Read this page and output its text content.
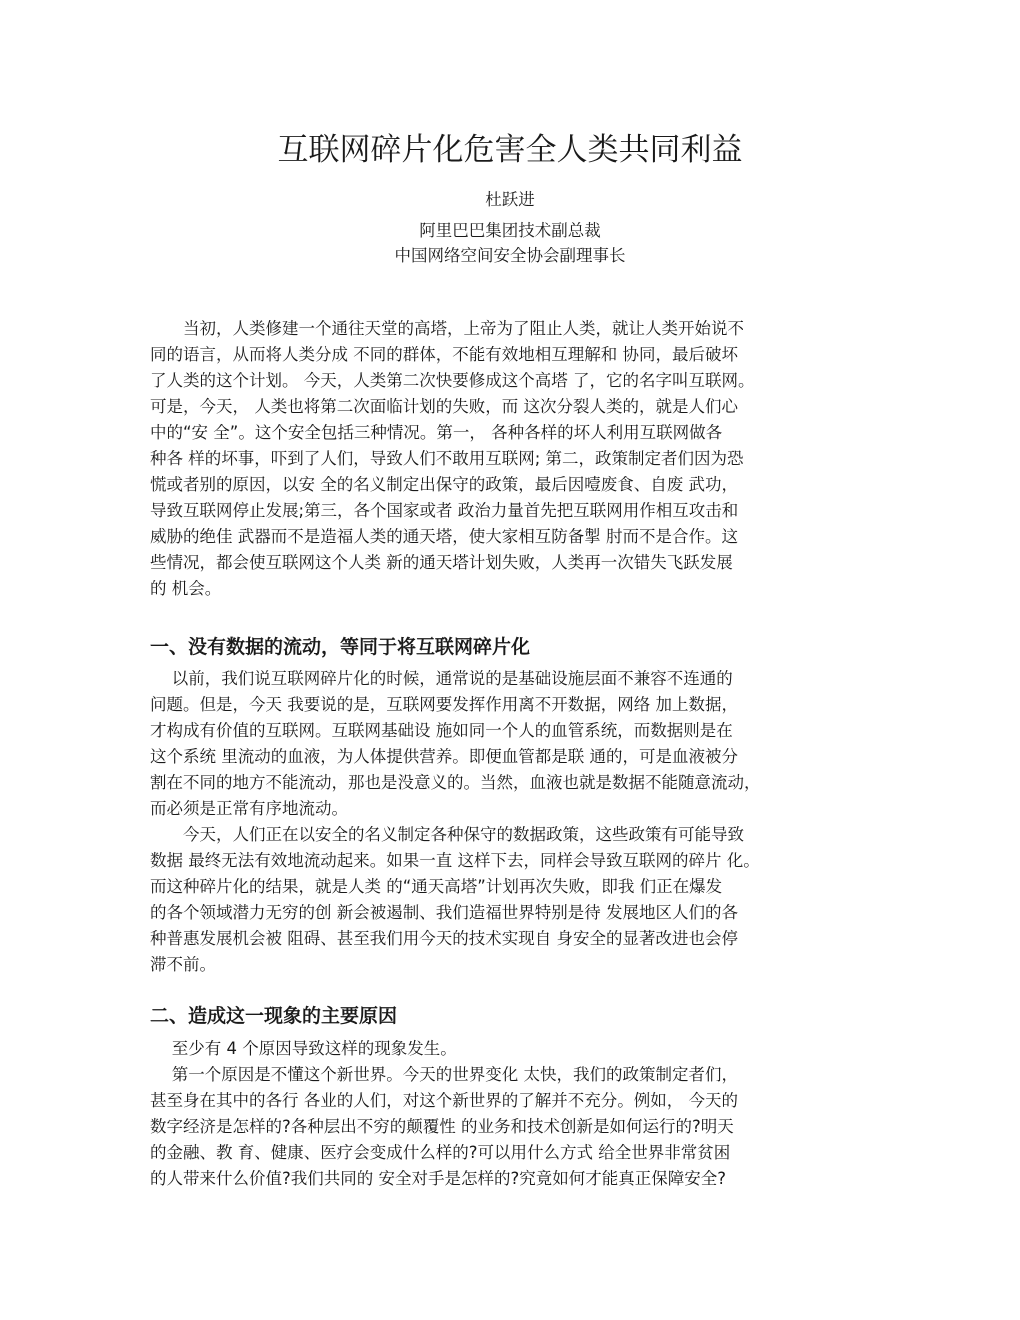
互联网碎片化危害全人类共同利益
杜跃进
阿里巴巴集团技术副总裁
中国网络空间安全协会副理事长
　　当初，人类修建一个通往天堂的高塔，上帝为了阻止人类，就让人类开始说不
同的语言，从而将人类分成 不同的群体，不能有效地相互理解和 协同，最后破坏
了人类的这个计划。 今天，人类第二次快要修成这个高塔 了，它的名字叫互联网。
可是，今天， 人类也将第二次面临计划的失败，而 这次分裂人类的，就是人们心
中的“安 全”。这个安全包括三种情况。第一， 各种各样的坏人利用互联网做各
种各 样的坏事，吓到了人们，导致人们不敢用互联网; 第二，政策制定者们因为恐
慌或者别的原因，以安 全的名义制定出保守的政策，最后因噎废食、自废 武功，
导致互联网停止发展;第三，各个国家或者 政治力量首先把互联网用作相互攻击和
威胁的绝佳 武器而不是造福人类的通天塔，使大家相互防备掣 肘而不是合作。这
些情况，都会使互联网这个人类 新的通天塔计划失败，人类再一次错失飞跃发展
的 机会。
一、没有数据的流动，等同于将互联网碎片化
　 以前，我们说互联网碎片化的时候，通常说的是基础设施层面不兼容不连通的
问题。但是，今天 我要说的是，互联网要发挥作用离不开数据，网络 加上数据，
才构成有价值的互联网。互联网基础设 施如同一个人的血管系统，而数据则是在
这个系统 里流动的血液，为人体提供营养。即便血管都是联 通的，可是血液被分
割在不同的地方不能流动，那也是没意义的。当然，血液也就是数据不能随意流动，
而必须是正常有序地流动。
　　今天，人们正在以安全的名义制定各种保守的数据政策，这些政策有可能导致
数据 最终无法有效地流动起来。如果一直 这样下去，同样会导致互联网的碎片 化。
而这种碎片化的结果，就是人类 的“通天高塔”计划再次失败，即我 们正在爆发
的各个领域潜力无穷的创 新会被遏制、我们造福世界特别是待 发展地区人们的各
种普惠发展机会被 阻碍、甚至我们用今天的技术实现自 身安全的显著改进也会停
滞不前。
二、造成这一现象的主要原因
　 至少有 4 个原因导致这样的现象发生。
　 第一个原因是不懂这个新世界。今天的世界变化 太快，我们的政策制定者们，
甚至身在其中的各行 各业的人们，对这个新世界的了解并不充分。例如， 今天的
数字经济是怎样的?各种层出不穷的颠覆性 的业务和技术创新是如何运行的?明天
的金融、教 育、健康、医疗会变成什么样的?可以用什么方式 给全世界非常贫困
的人带来什么价值?我们共同的 安全对手是怎样的?究竟如何才能真正保障安全?
